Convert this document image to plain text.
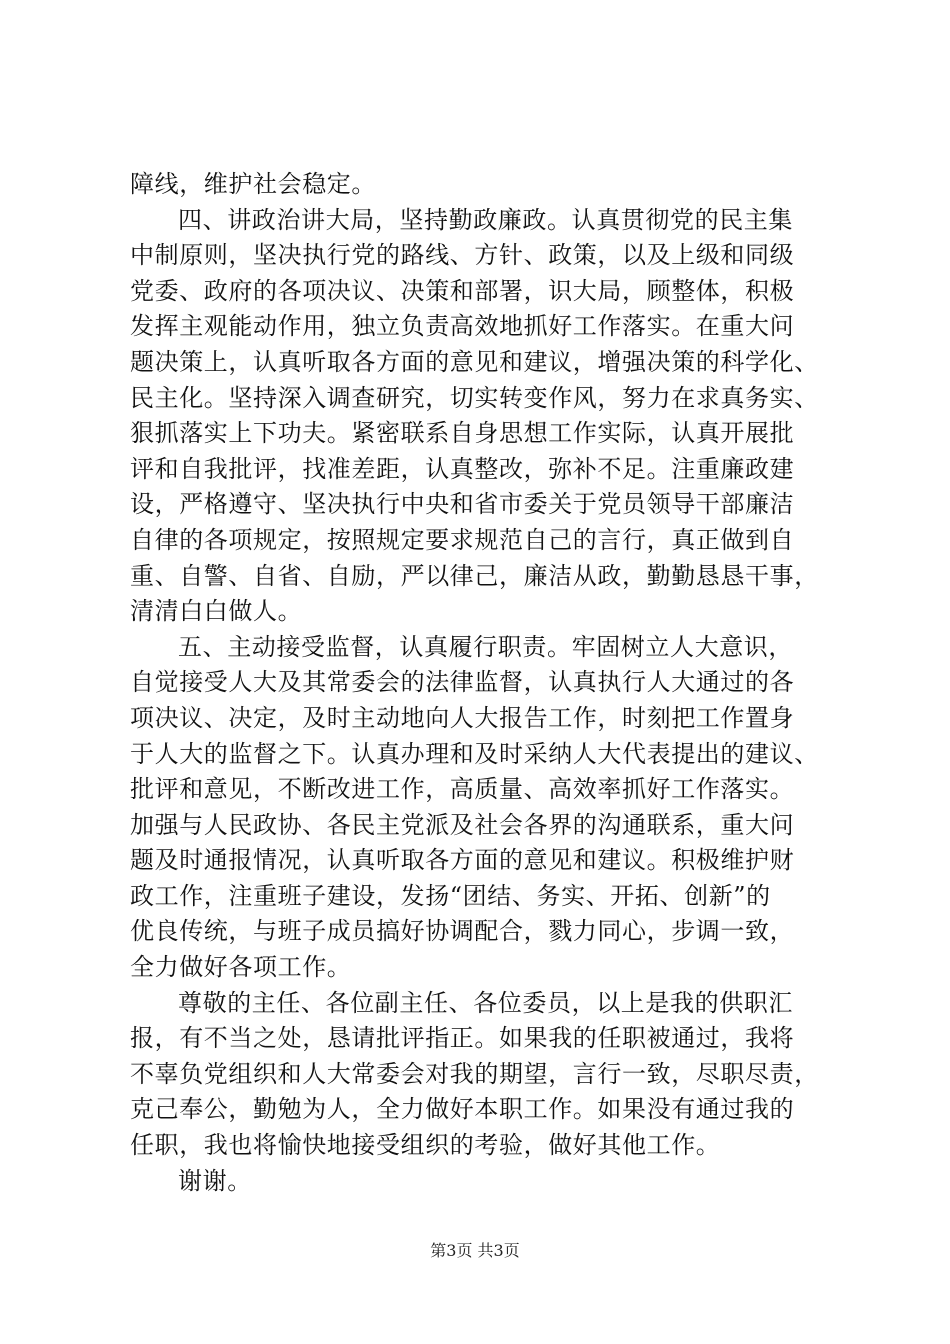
障线，维护社会稳定。
四、讲政治讲大局，坚持勤政廉政。认真贯彻党的民主集
中制原则，坚决执行党的路线、方针、政策，以及上级和同级
党委、政府的各项决议、决策和部署，识大局，顾整体，积极
发挥主观能动作用，独立负责高效地抓好工作落实。在重大问
题决策上，认真听取各方面的意见和建议，增强决策的科学化、
民主化。坚持深入调查研究，切实转变作风，努力在求真务实、
狠抓落实上下功夫。紧密联系自身思想工作实际，认真开展批
评和自我批评，找准差距，认真整改，弥补不足。注重廉政建
设，严格遵守、坚决执行中央和省市委关于党员领导干部廉洁
自律的各项规定，按照规定要求规范自己的言行，真正做到自
重、自警、自省、自励，严以律己，廉洁从政，勤勤恳恳干事，
清清白白做人。
五、主动接受监督，认真履行职责。牢固树立人大意识，
自觉接受人大及其常委会的法律监督，认真执行人大通过的各
项决议、决定，及时主动地向人大报告工作，时刻把工作置身
于人大的监督之下。认真办理和及时采纳人大代表提出的建议、
批评和意见，不断改进工作，高质量、高效率抓好工作落实。
加强与人民政协、各民主党派及社会各界的沟通联系，重大问
题及时通报情况，认真听取各方面的意见和建议。积极维护财
政工作，注重班子建设，发扬“团结、务实、开拓、创新”的
优良传统，与班子成员搞好协调配合，戮力同心，步调一致，
全力做好各项工作。
尊敬的主任、各位副主任、各位委员，以上是我的供职汇
报，有不当之处，恳请批评指正。如果我的任职被通过，我将
不辜负党组织和人大常委会对我的期望，言行一致，尽职尽责，
克己奉公，勤勉为人，全力做好本职工作。如果没有通过我的
任职，我也将愉快地接受组织的考验，做好其他工作。
谢谢。
第3页 共3页
